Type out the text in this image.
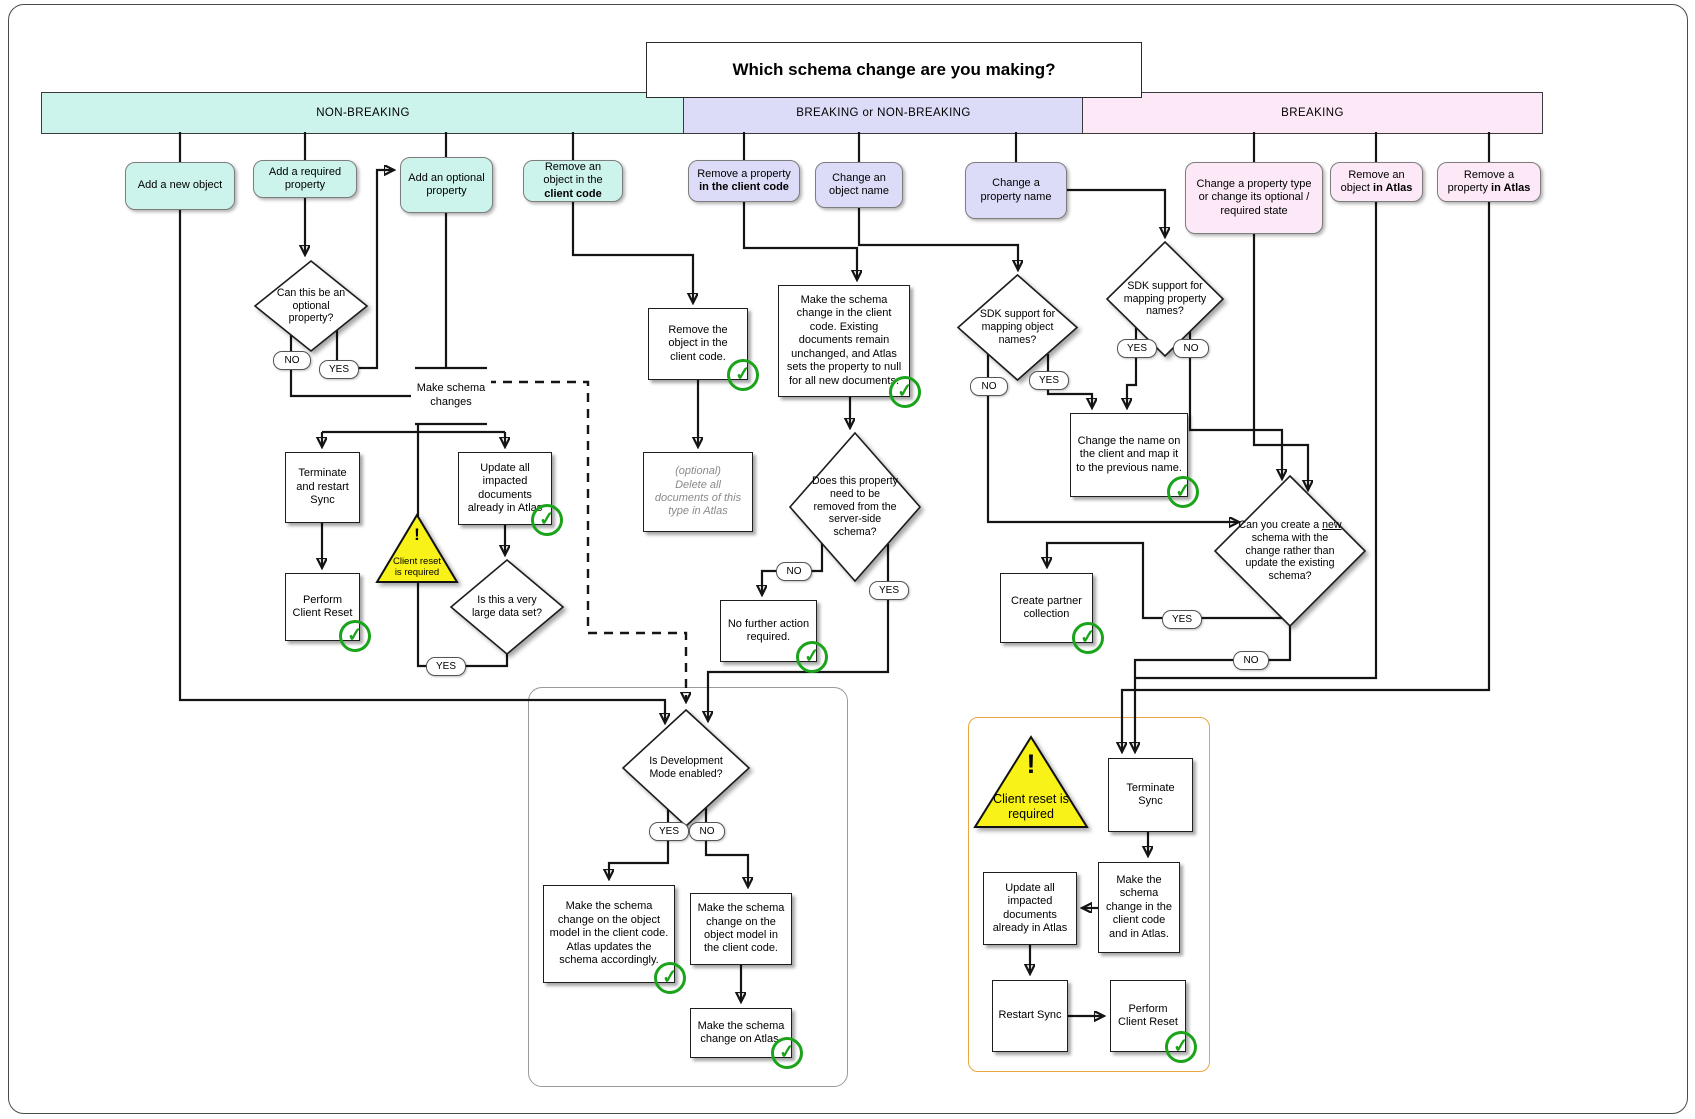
Which schema change are you making?
NON-BREAKING	BREAKING or NON-BREAKING	BREAKING
Add a new object
Add a required property
Add an optional property
Remove an object in the client code
Remove a property in the client code
Change an object name
Change a property name
Change a property type or change its optional / required state
Remove an object in Atlas
Remove a property in Atlas
Can this be an optional property?
Is this a very large data set?
Does this property need to be removed from the server-side schema?
SDK support for mapping object names?
SDK support for mapping property names?
Can you create a new schema with the change rather than update the existing schema?
Is Development Mode enabled?
Make schema changes
Terminate and restart Sync
Perform Client Reset
✓
Update all impacted documents already in Atlas
✓
Remove the object in the client code.
✓
(optional)
Delete all documents of this type in Atlas
Make the schema change in the client code. Existing documents remain unchanged, and Atlas sets the property to null for all new documents.
✓
No further action required.
✓
Change the name on the client and map it to the previous name.
✓
Create partner collection
✓
Make the schema change on the object model in the client code. Atlas updates the schema accordingly.
✓
Make the schema change on the object model in the client code.
Make the schema change on Atlas.
✓
Terminate Sync
Make the schema change in the client code and in Atlas.
Update all impacted documents already in Atlas
Restart Sync
Perform Client Reset
✓
!
Client reset is required
!
Client reset is required
NO
YES
YES
NO
YES
NO
YES
YES	NO
YES
NO
YES	NO
